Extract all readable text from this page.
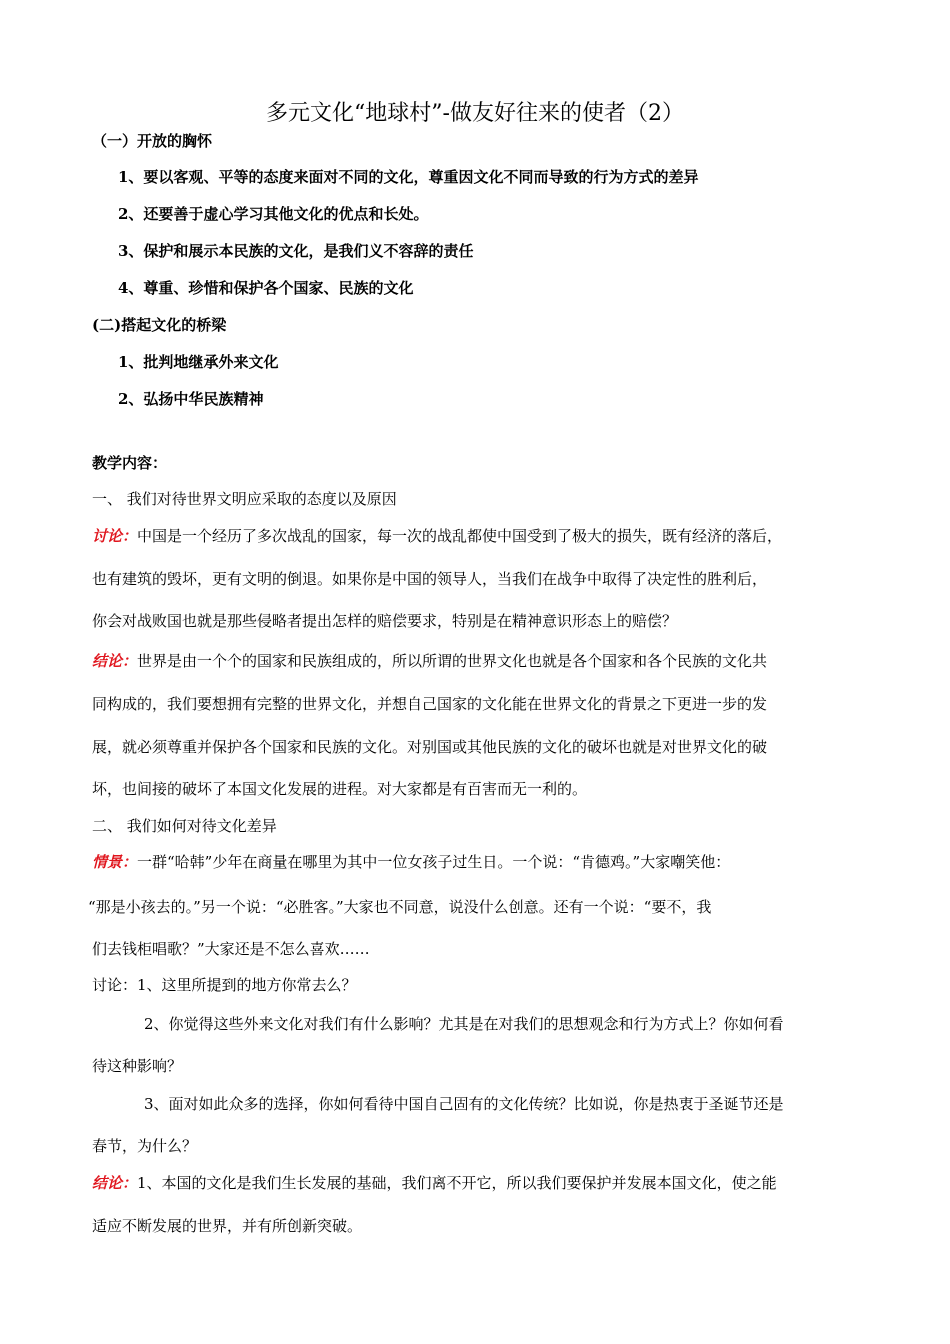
多元文化“地球村”-做友好往来的使者（2）
（一）开放的胸怀
1、要以客观、平等的态度来面对不同的文化，尊重因文化不同而导致的行为方式的差异
2、还要善于虚心学习其他文化的优点和长处。
3、保护和展示本民族的文化，是我们义不容辞的责任
4、尊重、珍惜和保护各个国家、民族的文化
(二)搭起文化的桥梁
1、批判地继承外来文化
2、弘扬中华民族精神
教学内容：
一、 我们对待世界文明应采取的态度以及原因
讨论：中国是一个经历了多次战乱的国家，每一次的战乱都使中国受到了极大的损失，既有经济的落后，
也有建筑的毁坏，更有文明的倒退。如果你是中国的领导人，当我们在战争中取得了决定性的胜利后，
你会对战败国也就是那些侵略者提出怎样的赔偿要求，特别是在精神意识形态上的赔偿？
结论：世界是由一个个的国家和民族组成的，所以所谓的世界文化也就是各个国家和各个民族的文化共
同构成的，我们要想拥有完整的世界文化，并想自己国家的文化能在世界文化的背景之下更进一步的发
展，就必须尊重并保护各个国家和民族的文化。对别国或其他民族的文化的破坏也就是对世界文化的破
坏，也间接的破坏了本国文化发展的进程。对大家都是有百害而无一利的。
二、 我们如何对待文化差异
情景：一群“哈韩”少年在商量在哪里为其中一位女孩子过生日。一个说：“肯德鸡。”大家嘲笑他：
“那是小孩去的。”另一个说：“必胜客。”大家也不同意，说没什么创意。还有一个说：“要不，我
们去钱柜唱歌？”大家还是不怎么喜欢……
讨论：1、这里所提到的地方你常去么？
2、你觉得这些外来文化对我们有什么影响？尤其是在对我们的思想观念和行为方式上？你如何看
待这种影响？
3、面对如此众多的选择，你如何看待中国自己固有的文化传统？比如说，你是热衷于圣诞节还是
春节，为什么？
结论：1、本国的文化是我们生长发展的基础，我们离不开它，所以我们要保护并发展本国文化，使之能
适应不断发展的世界，并有所创新突破。
